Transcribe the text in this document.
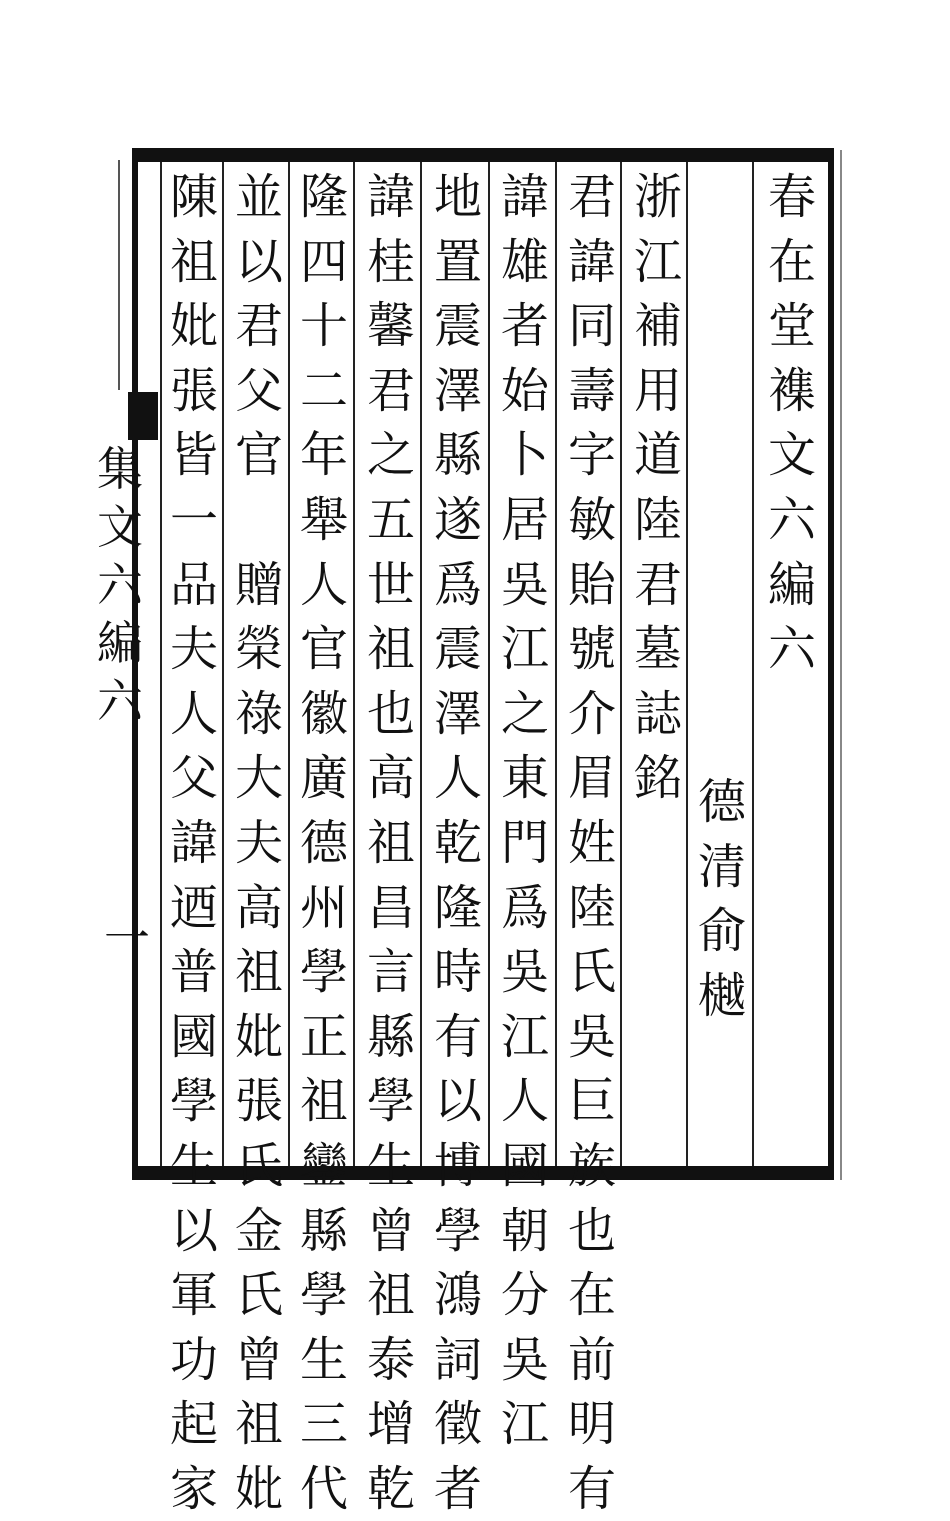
春
在
堂
襍
文
六
編
六
德
清
俞
樾
浙
江
補
用
道
陸
君
墓
誌
銘
君
諱
同
壽
字
敏
貽
號
介
眉
姓
陸
氏
吳
巨
族
也
在
前
明
有
諱
雄
者
始
卜
居
吳
江
之
東
門
爲
吳
江
人
國
朝
分
吳
江
地
置
震
澤
縣
遂
爲
震
澤
人
乾
隆
時
有
以
博
學
鴻
詞
徵
者
諱
桂
馨
君
之
五
世
祖
也
高
祖
昌
言
縣
學
生
曾
祖
泰
增
乾
隆
四
十
二
年
舉
人
官
徽
廣
德
州
學
正
祖
鑾
縣
學
生
三
代
並
以
君
父
官
贈
榮
祿
大
夫
高
祖
妣
張
氏
金
氏
曾
祖
妣
陳
祖
妣
張
皆
一
品
夫
人
父
諱
迺
普
國
學
生
以
軍
功
起
家
集
文
六
編
六
一
